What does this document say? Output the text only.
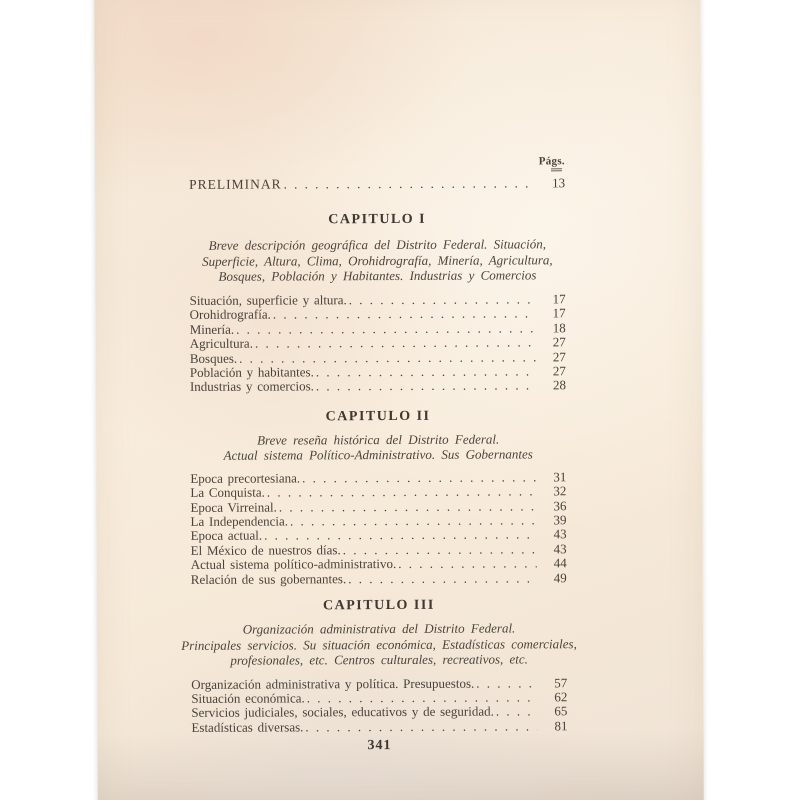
Págs.
PRELIMINAR . . .	13
CAPITULO I

Breve descripción geográfica del Distrito Federal. Situación,
Superficie, Altura, Clima, Orohidrografía, Minería, Agricultura,
Bosques, Población y Habitantes. Industrias y Comercios

Situación, superficie y altura. . . .	17
Orohidrografía. . . .	17
Minería. . . .	18
Agricultura. . . .	27
Bosques. . . .	27
Población y habitantes. . . .	27
Industrias y comercios. . . .	28
CAPITULO II

Breve reseña histórica del Distrito Federal.
Actual sistema Político-Administrativo. Sus Gobernantes

Epoca precortesiana. . . .	31
La Conquista. . . .	32
Epoca Virreinal. . . .	36
La Independencia. . . .	39
Epoca actual. . . .	43
El México de nuestros días. . . .	43
Actual sistema político-administrativo. . . .	44
Relación de sus gobernantes. . . .	49
CAPITULO III

Organización administrativa del Distrito Federal.
Principales servicios. Su situación económica, Estadísticas comerciales,
profesionales, etc. Centros culturales, recreativos, etc.

Organización administrativa y política. Presupuestos. . . .	57
Situación económica. . . .	62
Servicios judiciales, sociales, educativos y de seguridad. . . .	65
Estadísticas diversas. . . .	81
341
